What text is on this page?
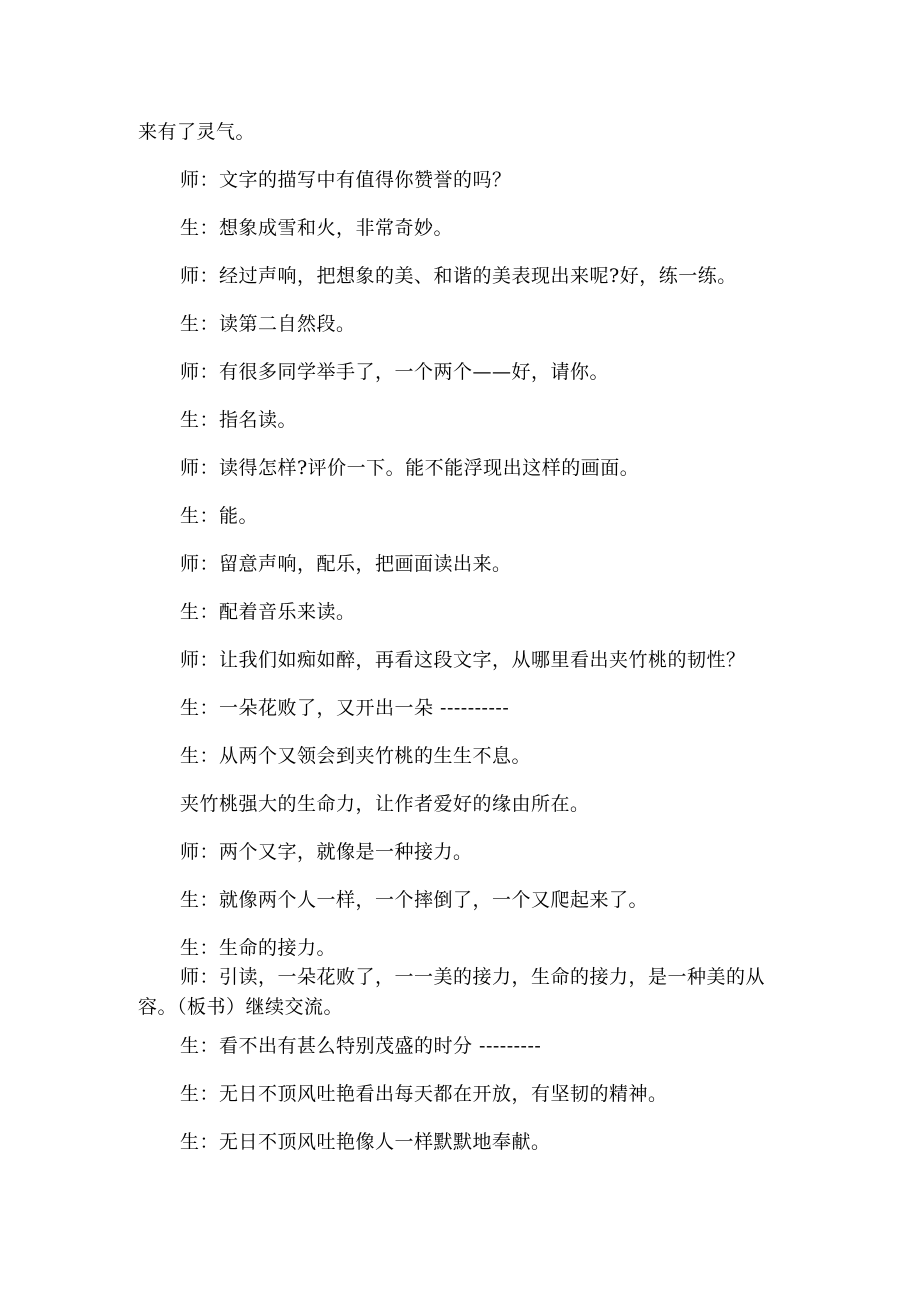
来有了灵气。
师：文字的描写中有值得你赞誉的吗？
生：想象成雪和火，非常奇妙。
师：经过声响，把想象的美、和谐的美表现出来呢?好，练一练。
生：读第二自然段。
师：有很多同学举手了，一个两个——好，请你。
生：指名读。
师：读得怎样?评价一下。能不能浮现出这样的画面。
生：能。
师：留意声响，配乐，把画面读出来。
生：配着音乐来读。
师：让我们如痴如醉，再看这段文字，从哪里看出夹竹桃的韧性？
生：一朵花败了，又开出一朵 ----------
生：从两个又领会到夹竹桃的生生不息。
夹竹桃强大的生命力，让作者爱好的缘由所在。
师：两个又字，就像是一种接力。
生：就像两个人一样，一个摔倒了，一个又爬起来了。
生：生命的接力。
师：引读，一朵花败了，一一美的接力，生命的接力，是一种美的从容。（板书）继续交流。
生：看不出有甚么特别茂盛的时分 ---------
生：无日不顶风吐艳看出每天都在开放，有坚韧的精神。
生：无日不顶风吐艳像人一样默默地奉献。
